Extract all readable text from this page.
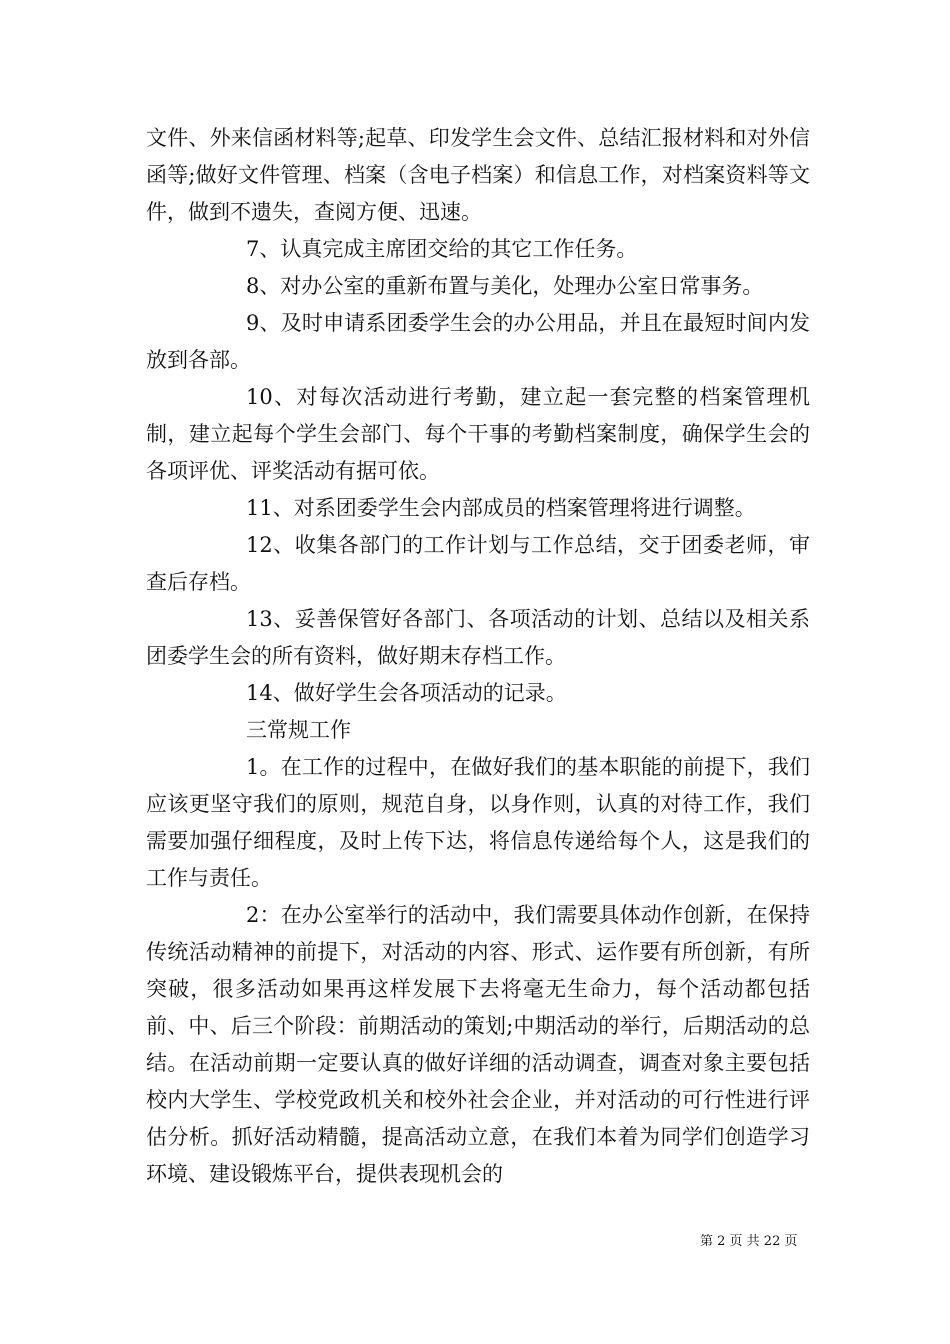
文件、外来信函材料等;起草、印发学生会文件、总结汇报材料和对外信函等;做好文件管理、档案（含电子档案）和信息工作，对档案资料等文件，做到不遗失，查阅方便、迅速。

7、认真完成主席团交给的其它工作任务。

8、对办公室的重新布置与美化，处理办公室日常事务。

9、及时申请系团委学生会的办公用品，并且在最短时间内发放到各部。

10、对每次活动进行考勤，建立起一套完整的档案管理机制，建立起每个学生会部门、每个干事的考勤档案制度，确保学生会的各项评优、评奖活动有据可依。

11、对系团委学生会内部成员的档案管理将进行调整。

12、收集各部门的工作计划与工作总结，交于团委老师，审查后存档。

13、妥善保管好各部门、各项活动的计划、总结以及相关系团委学生会的所有资料，做好期末存档工作。

14、做好学生会各项活动的记录。

三常规工作

1。在工作的过程中，在做好我们的基本职能的前提下，我们应该更坚守我们的原则，规范自身，以身作则，认真的对待工作，我们需要加强仔细程度，及时上传下达，将信息传递给每个人，这是我们的工作与责任。

2：在办公室举行的活动中，我们需要具体动作创新，在保持传统活动精神的前提下，对活动的内容、形式、运作要有所创新，有所突破，很多活动如果再这样发展下去将毫无生命力，每个活动都包括前、中、后三个阶段：前期活动的策划;中期活动的举行，后期活动的总结。在活动前期一定要认真的做好详细的活动调查，调查对象主要包括校内大学生、学校党政机关和校外社会企业，并对活动的可行性进行评估分析。抓好活动精髓，提高活动立意，在我们本着为同学们创造学习环境、建设锻炼平台，提供表现机会的

第 2 页 共 22 页
